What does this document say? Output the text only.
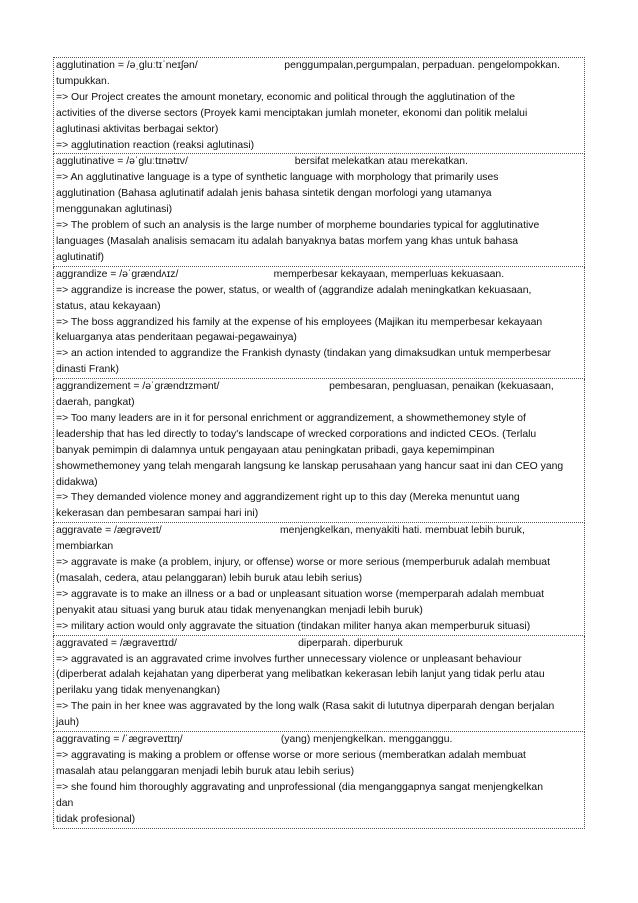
agglutination = /əˌgluːtɪˈneɪʃən/                              penggumpalan,pergumpalan, perpaduan. pengelompokkan.
tumpukkan.
=> Our Project creates the amount monetary, economic and political through the agglutination of the
activities of the diverse sectors (Proyek kami menciptakan jumlah moneter, ekonomi dan politik melalui
aglutinasi aktivitas berbagai sektor)
=> agglutination reaction (reaksi aglutinasi)
agglutinative = /əˈgluːtɪnətɪv/                                     bersifat melekatkan atau merekatkan.
=> An agglutinative language is a type of synthetic language with morphology that primarily uses
agglutination (Bahasa aglutinatif adalah jenis bahasa sintetik dengan morfologi yang utamanya
menggunakan aglutinasi)
=> The problem of such an analysis is the large number of morpheme boundaries typical for agglutinative
languages (Masalah analisis semacam itu adalah banyaknya batas morfem yang khas untuk bahasa
aglutinatif)
aggrandize = /əˈgrændʌɪz/                                 memperbesar kekayaan, memperluas kekuasaan.
=> aggrandize is increase the power, status, or wealth of (aggrandize adalah meningkatkan kekuasaan,
status, atau kekayaan)
=> The boss aggrandized his family at the expense of his employees (Majikan itu memperbesar kekayaan
keluarganya atas penderitaan pegawai-pegawainya)
=> an action intended to aggrandize the Frankish dynasty (tindakan yang dimaksudkan untuk memperbesar
dinasti Frank)
aggrandizement = /əˈgrændɪzmənt/                                      pembesaran, pengluasan, penaikan (kekuasaan,
daerah, pangkat)
=> Too many leaders are in it for personal enrichment or aggrandizement, a showmethemoney style of
leadership that has led directly to today's landscape of wrecked corporations and indicted CEOs. (Terlalu
banyak pemimpin di dalamnya untuk pengayaan atau peningkatan pribadi, gaya kepemimpinan
showmethemoney yang telah mengarah langsung ke lanskap perusahaan yang hancur saat ini dan CEO yang
didakwa)
=> They demanded violence money and aggrandizement right up to this day (Mereka menuntut uang
kekerasan dan pembesaran sampai hari ini)
aggravate = /ægrəveɪt/                                         menjengkelkan, menyakiti hati. membuat lebih buruk,
membiarkan
=> aggravate is make (a problem, injury, or offense) worse or more serious (memperburuk adalah membuat
(masalah, cedera, atau pelanggaran) lebih buruk atau lebih serius)
=> aggravate is to make an illness or a bad or unpleasant situation worse (memperparah adalah membuat
penyakit atau situasi yang buruk atau tidak menyenangkan menjadi lebih buruk)
=> military action would only aggravate the situation (tindakan militer hanya akan memperburuk situasi)
aggravated = /ægraveɪtɪd/                                          diperparah. diperburuk
=> aggravated is an aggravated crime involves further unnecessary violence or unpleasant behaviour
(diperberat adalah kejahatan yang diperberat yang melibatkan kekerasan lebih lanjut yang tidak perlu atau
perilaku yang tidak menyenangkan)
=> The pain in her knee was aggravated by the long walk (Rasa sakit di lututnya diperparah dengan berjalan
jauh)
aggravating = /ˈægrəveɪtɪŋ/                                  (yang) menjengkelkan. mengganggu.
=> aggravating is making a problem or offense worse or more serious (memberatkan adalah membuat
masalah atau pelanggaran menjadi lebih buruk atau lebih serius)
=> she found him thoroughly aggravating and unprofessional (dia menganggapnya sangat menjengkelkan
dan
tidak profesional)
